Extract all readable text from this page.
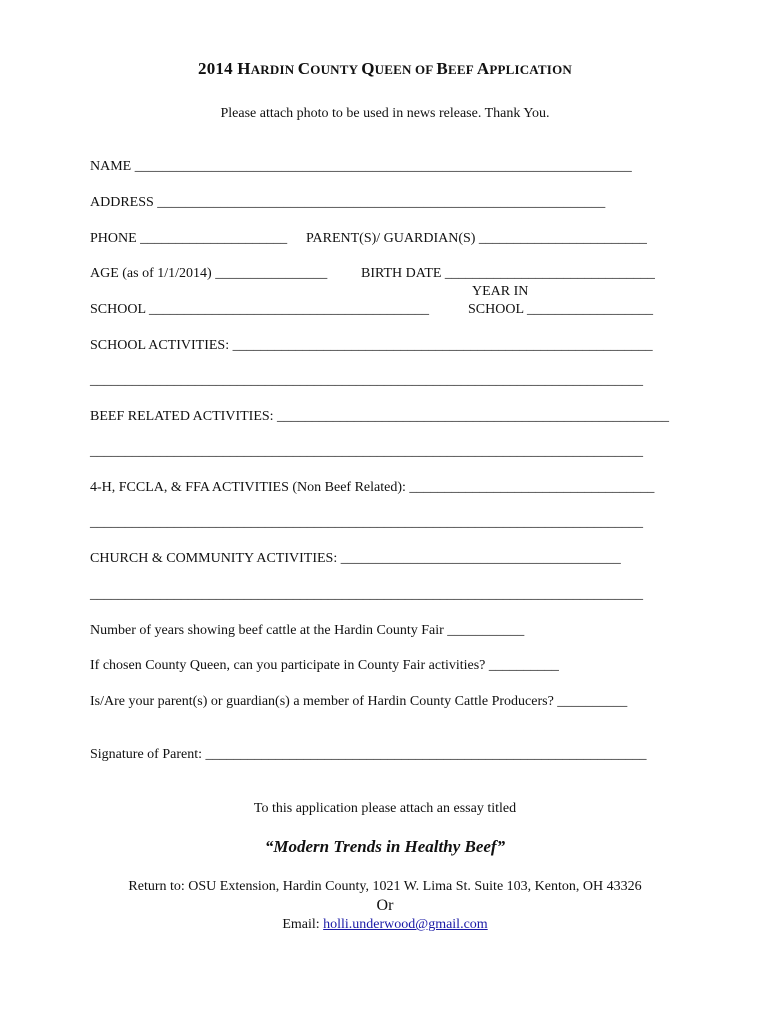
2014 HARDIN COUNTY QUEEN OF BEEF APPLICATION
Please attach photo to be used in news release. Thank You.
NAME _______________________________________________________________________
ADDRESS ________________________________________________________________
PHONE _____________________ PARENT(S)/ GUARDIAN(S) ________________________
AGE (as of 1/1/2014) ________________ BIRTH DATE ______________________________
YEAR IN
SCHOOL ________________________________________	SCHOOL __________________
SCHOOL ACTIVITIES: ____________________________________________________________
_______________________________________________________________________________
BEEF RELATED ACTIVITIES: ________________________________________________________
_______________________________________________________________________________
4-H, FCCLA, & FFA ACTIVITIES (Non Beef Related): ___________________________________
_______________________________________________________________________________
CHURCH & COMMUNITY ACTIVITIES: ________________________________________
_______________________________________________________________________________
Number of years showing beef cattle at the Hardin County Fair ___________
If chosen County Queen, can you participate in County Fair activities? __________
Is/Are your parent(s) or guardian(s) a member of Hardin County Cattle Producers? __________
Signature of Parent: _______________________________________________________________
To this application please attach an essay titled
“Modern Trends in Healthy Beef”
Return to: OSU Extension, Hardin County, 1021 W. Lima St. Suite 103, Kenton, OH 43326
Or
Email: holli.underwood@gmail.com
